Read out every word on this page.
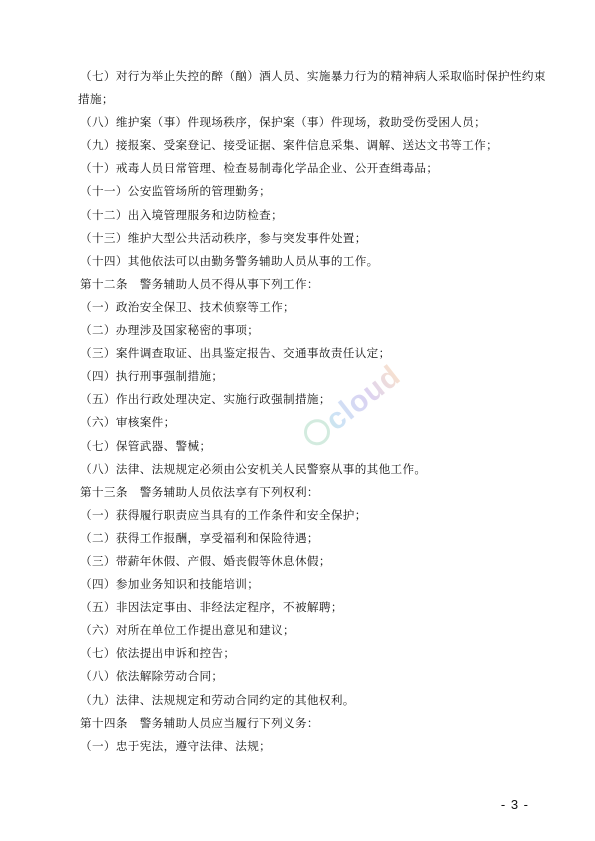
（七）对行为举止失控的醉（酗）酒人员、实施暴力行为的精神病人采取临时保护性约束
措施；
（八）维护案（事）件现场秩序，保护案（事）件现场，救助受伤受困人员；
（九）接报案、受案登记、接受证据、案件信息采集、调解、送达文书等工作；
（十）戒毒人员日常管理、检查易制毒化学品企业、公开查缉毒品；
（十一）公安监管场所的管理勤务；
（十二）出入境管理服务和边防检查；
（十三）维护大型公共活动秩序，参与突发事件处置；
（十四）其他依法可以由勤务警务辅助人员从事的工作。
第十二条　警务辅助人员不得从事下列工作：
（一）政治安全保卫、技术侦察等工作；
（二）办理涉及国家秘密的事项；
（三）案件调查取证、出具鉴定报告、交通事故责任认定；
（四）执行刑事强制措施；
（五）作出行政处理决定、实施行政强制措施；
（六）审核案件；
（七）保管武器、警械；
（八）法律、法规规定必须由公安机关人民警察从事的其他工作。
第十三条　警务辅助人员依法享有下列权利：
（一）获得履行职责应当具有的工作条件和安全保护；
（二）获得工作报酬，享受福利和保险待遇；
（三）带薪年休假、产假、婚丧假等休息休假；
（四）参加业务知识和技能培训；
（五）非因法定事由、非经法定程序，不被解聘；
（六）对所在单位工作提出意见和建议；
（七）依法提出申诉和控告；
（八）依法解除劳动合同；
（九）法律、法规规定和劳动合同约定的其他权利。
第十四条　警务辅助人员应当履行下列义务：
（一）忠于宪法，遵守法律、法规；
cloud
- 3 -
